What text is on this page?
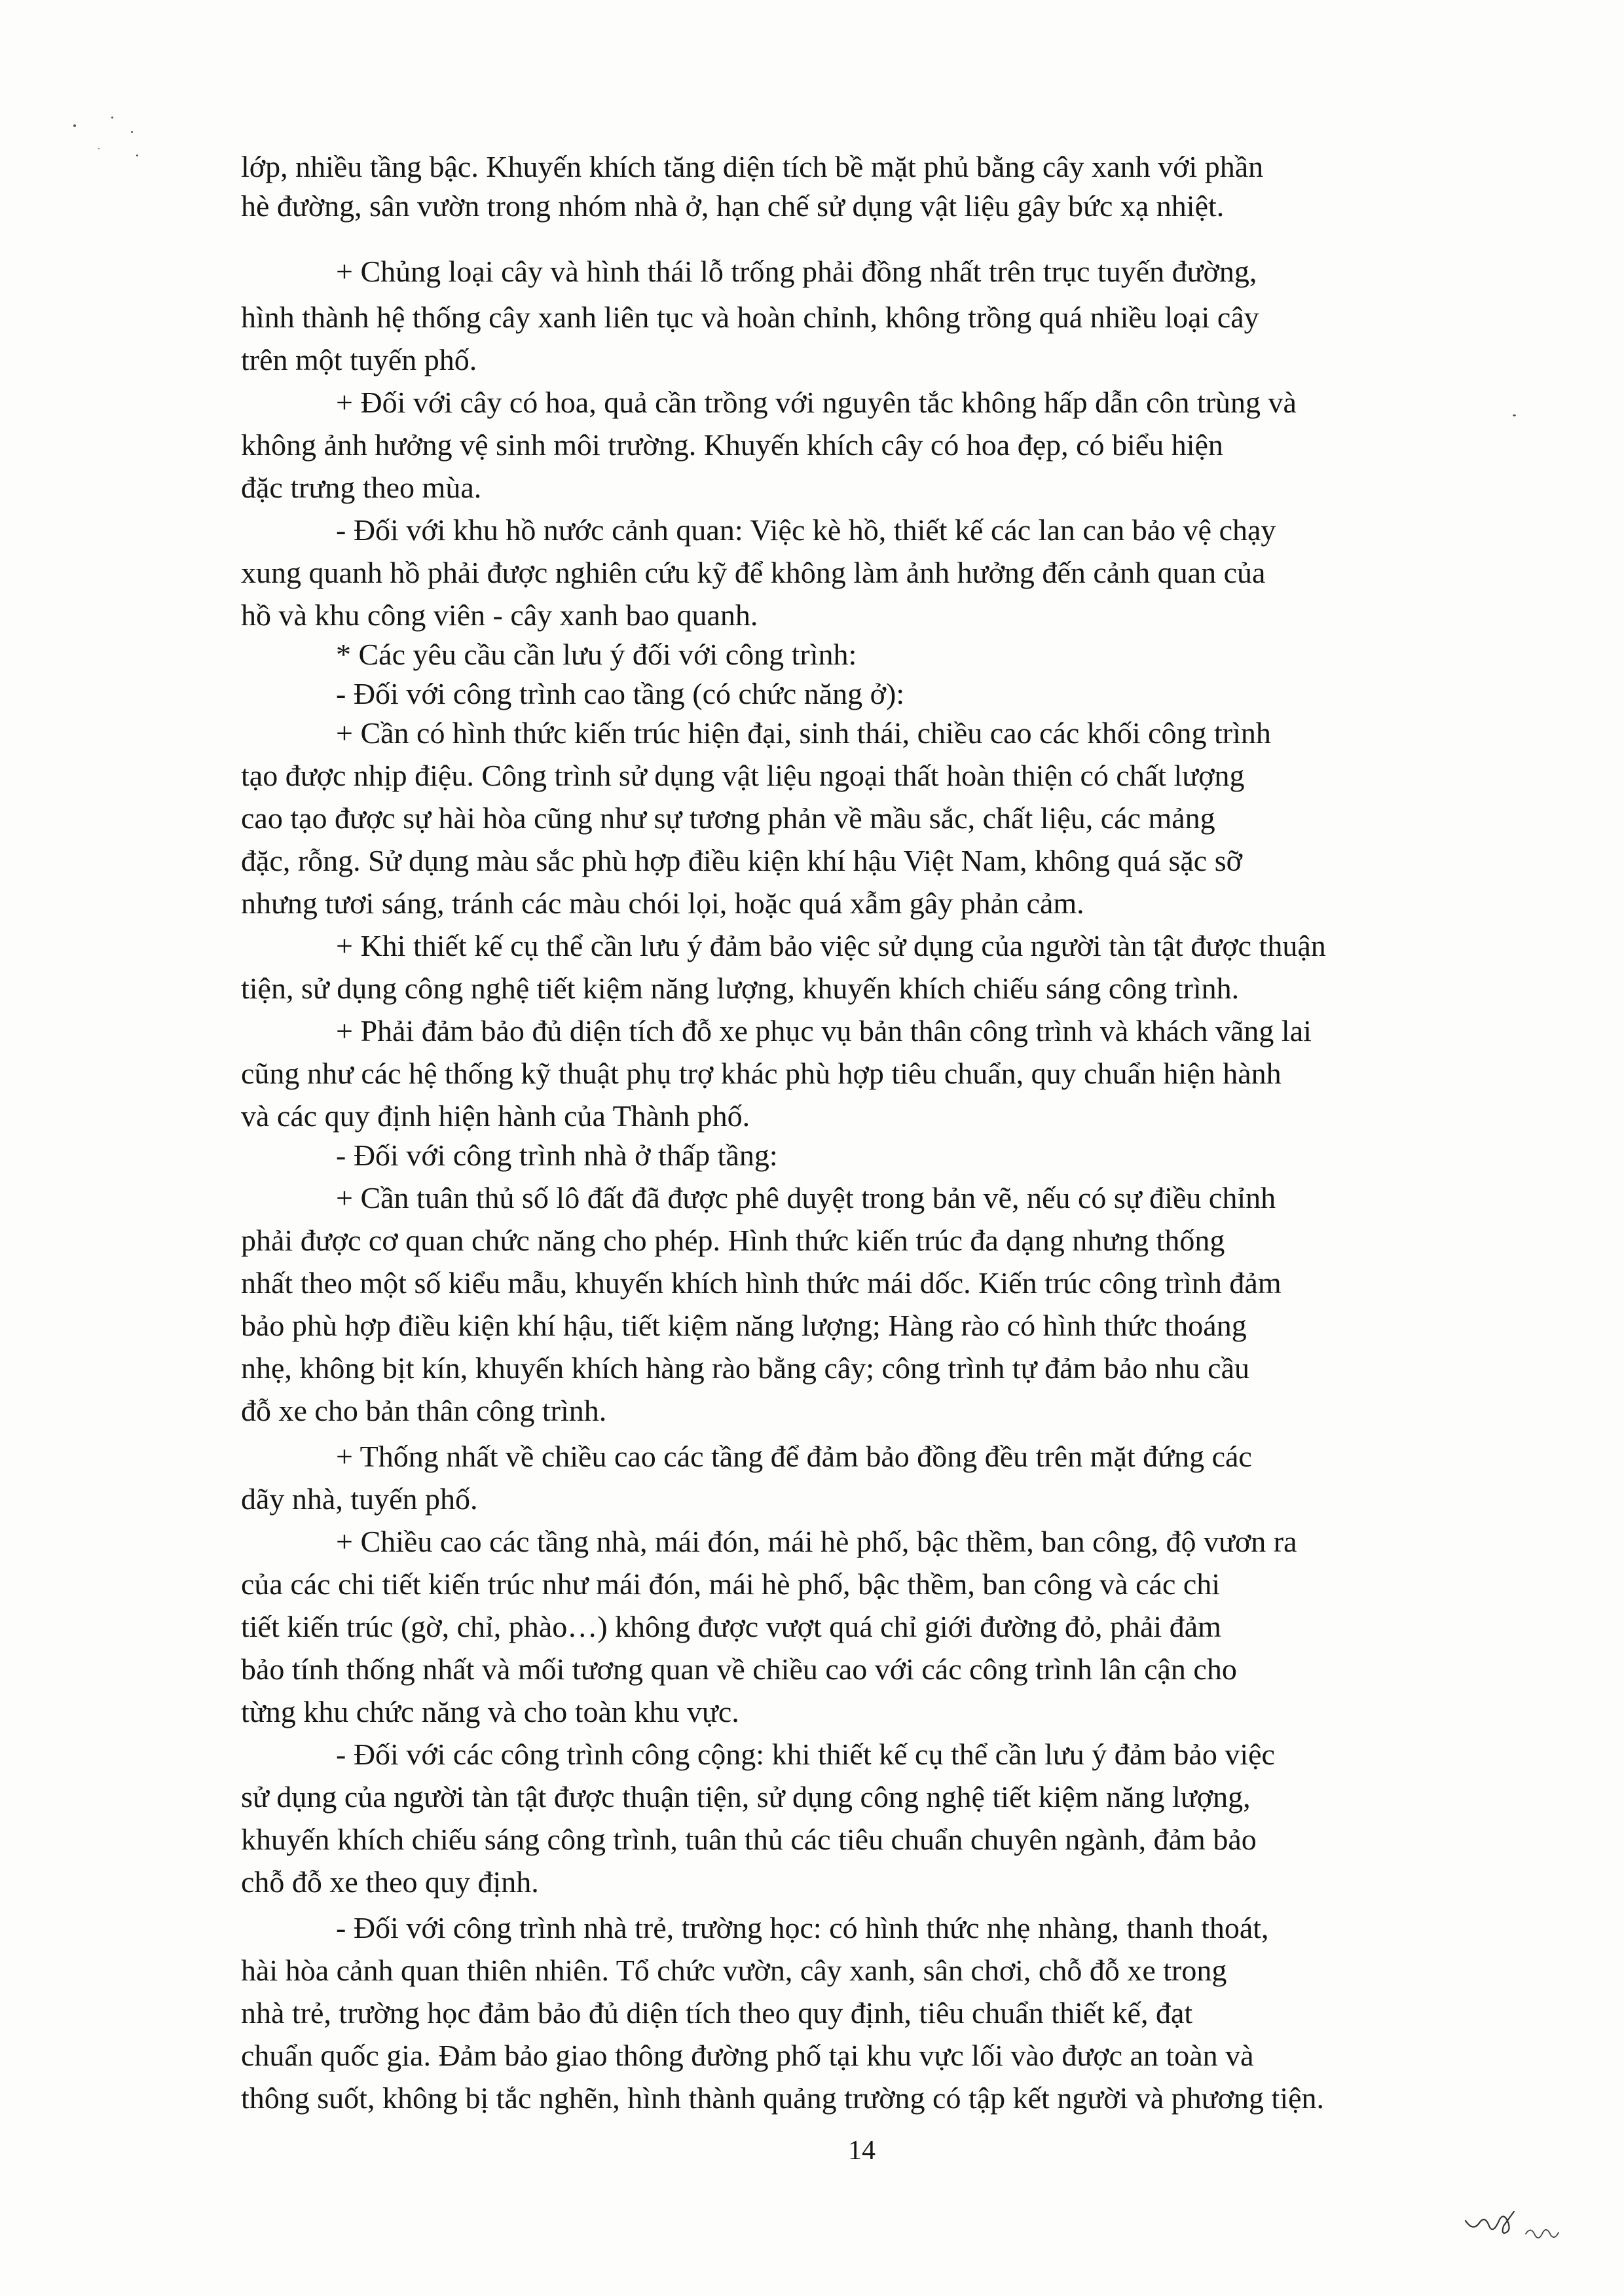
lớp, nhiều tầng bậc. Khuyến khích tăng diện tích bề mặt phủ bằng cây xanh với phần
hè đường, sân vườn trong nhóm nhà ở, hạn chế sử dụng vật liệu gây bức xạ nhiệt.
+ Chủng loại cây và hình thái lỗ trống phải đồng nhất trên trục tuyến đường,
hình thành hệ thống cây xanh liên tục và hoàn chỉnh, không trồng quá nhiều loại cây
trên một tuyến phố.
+ Đối với cây có hoa, quả cần trồng với nguyên tắc không hấp dẫn côn trùng và
không ảnh hưởng vệ sinh môi trường. Khuyến khích cây có hoa đẹp, có biểu hiện
đặc trưng theo mùa.
- Đối với khu hồ nước cảnh quan: Việc kè hồ, thiết kế các lan can bảo vệ chạy
xung quanh hồ phải được nghiên cứu kỹ để không làm ảnh hưởng đến cảnh quan của
hồ và khu công viên - cây xanh bao quanh.
* Các yêu cầu cần lưu ý đối với công trình:
- Đối với công trình cao tầng (có chức năng ở):
+ Cần có hình thức kiến trúc hiện đại, sinh thái, chiều cao các khối công trình
tạo được nhịp điệu. Công trình sử dụng vật liệu ngoại thất hoàn thiện có chất lượng
cao tạo được sự hài hòa cũng như sự tương phản về mầu sắc, chất liệu, các mảng
đặc, rỗng. Sử dụng màu sắc phù hợp điều kiện khí hậu Việt Nam, không quá sặc sỡ
nhưng tươi sáng, tránh các màu chói lọi, hoặc quá xẫm gây phản cảm.
+ Khi thiết kế cụ thể cần lưu ý đảm bảo việc sử dụng của người tàn tật được thuận
tiện, sử dụng công nghệ tiết kiệm năng lượng, khuyến khích chiếu sáng công trình.
+ Phải đảm bảo đủ diện tích đỗ xe phục vụ bản thân công trình và khách vãng lai
cũng như các hệ thống kỹ thuật phụ trợ khác phù hợp tiêu chuẩn, quy chuẩn hiện hành
và các quy định hiện hành của Thành phố.
- Đối với công trình nhà ở thấp tầng:
+ Cần tuân thủ số lô đất đã được phê duyệt trong bản vẽ, nếu có sự điều chỉnh
phải được cơ quan chức năng cho phép. Hình thức kiến trúc đa dạng nhưng thống
nhất theo một số kiểu mẫu, khuyến khích hình thức mái dốc. Kiến trúc công trình đảm
bảo phù hợp điều kiện khí hậu, tiết kiệm năng lượng; Hàng rào có hình thức thoáng
nhẹ, không bịt kín, khuyến khích hàng rào bằng cây; công trình tự đảm bảo nhu cầu
đỗ xe cho bản thân công trình.
+ Thống nhất về chiều cao các tầng để đảm bảo đồng đều trên mặt đứng các
dãy nhà, tuyến phố.
+ Chiều cao các tầng nhà, mái đón, mái hè phố, bậc thềm, ban công, độ vươn ra
của các chi tiết kiến trúc như mái đón, mái hè phố, bậc thềm, ban công và các chi
tiết kiến trúc (gờ, chỉ, phào…) không được vượt quá chỉ giới đường đỏ, phải đảm
bảo tính thống nhất và mối tương quan về chiều cao với các công trình lân cận cho
từng khu chức năng và cho toàn khu vực.
- Đối với các công trình công cộng: khi thiết kế cụ thể cần lưu ý đảm bảo việc
sử dụng của người tàn tật được thuận tiện, sử dụng công nghệ tiết kiệm năng lượng,
khuyến khích chiếu sáng công trình, tuân thủ các tiêu chuẩn chuyên ngành, đảm bảo
chỗ đỗ xe theo quy định.
- Đối với công trình nhà trẻ, trường học: có hình thức nhẹ nhàng, thanh thoát,
hài hòa cảnh quan thiên nhiên. Tổ chức vườn, cây xanh, sân chơi, chỗ đỗ xe trong
nhà trẻ, trường học đảm bảo đủ diện tích theo quy định, tiêu chuẩn thiết kế, đạt
chuẩn quốc gia. Đảm bảo giao thông đường phố tại khu vực lối vào được an toàn và
thông suốt, không bị tắc nghẽn, hình thành quảng trường có tập kết người và phương tiện.
14
